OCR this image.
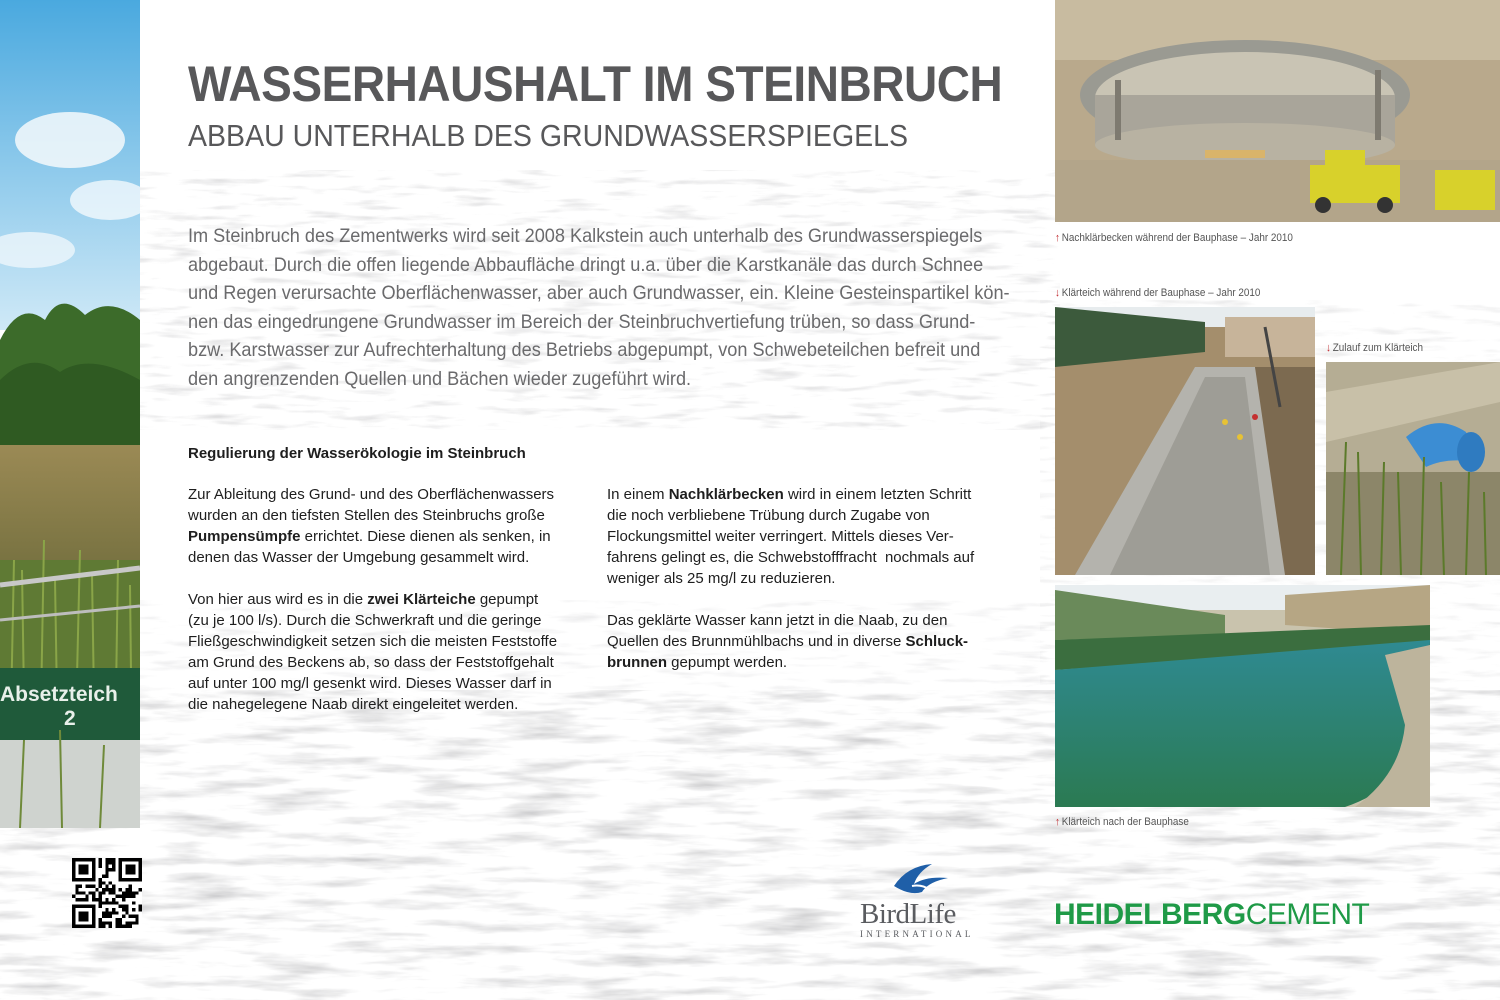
Absetzteich
2
WASSERHAUSHALT IM STEINBRUCH
ABBAU UNTERHALB DES GRUNDWASSERSPIEGELS
Im Steinbruch des Zementwerks wird seit 2008 Kalkstein auch unterhalb des Grundwasserspiegels
abgebaut. Durch die offen liegende Abbaufläche dringt u.a. über die Karstkanäle das durch Schnee
und Regen verursachte Oberflächenwasser, aber auch Grundwasser, ein. Kleine Gesteinspartikel kön-
nen das eingedrungene Grundwasser im Bereich der Steinbruchvertiefung trüben, so dass Grund-
bzw. Karstwasser zur Aufrechterhaltung des Betriebs abgepumpt, von Schwebeteilchen befreit und
den angrenzenden Quellen und Bächen wieder zugeführt wird.
Regulierung der Wasserökologie im Steinbruch

Zur Ableitung des Grund- und des Oberflächenwassers
wurden an den tiefsten Stellen des Steinbruchs große
Pumpensümpfe errichtet. Diese dienen als senken, in
denen das Wasser der Umgebung gesammelt wird.

Von hier aus wird es in die zwei Klärteiche gepumpt
(zu je 100 l/s). Durch die Schwerkraft und die geringe
Fließgeschwindigkeit setzen sich die meisten Feststoffe
am Grund des Beckens ab, so dass der Feststoffgehalt
auf unter 100 mg/l gesenkt wird. Dieses Wasser darf in
die nahegelegene Naab direkt eingeleitet werden.

In einem Nachklärbecken wird in einem letzten Schritt
die noch verbliebene Trübung durch Zugabe von
Flockungsmittel weiter verringert. Mittels dieses Ver-
fahrens gelingt es, die Schwebstofffracht  nochmals auf
weniger als 25 mg/l zu reduzieren.

Das geklärte Wasser kann jetzt in die Naab, zu den
Quellen des Brunnmühlbachs und in diverse Schluck-
brunnen gepumpt werden.

↑ Nachklärbecken während der Bauphase – Jahr 2010
↓ Klärteich während der Bauphase – Jahr 2010
↓ Zulauf zum Klärteich
↑ Klärteich nach der Bauphase
BirdLife
INTERNATIONAL
HEIDELBERGCEMENT
